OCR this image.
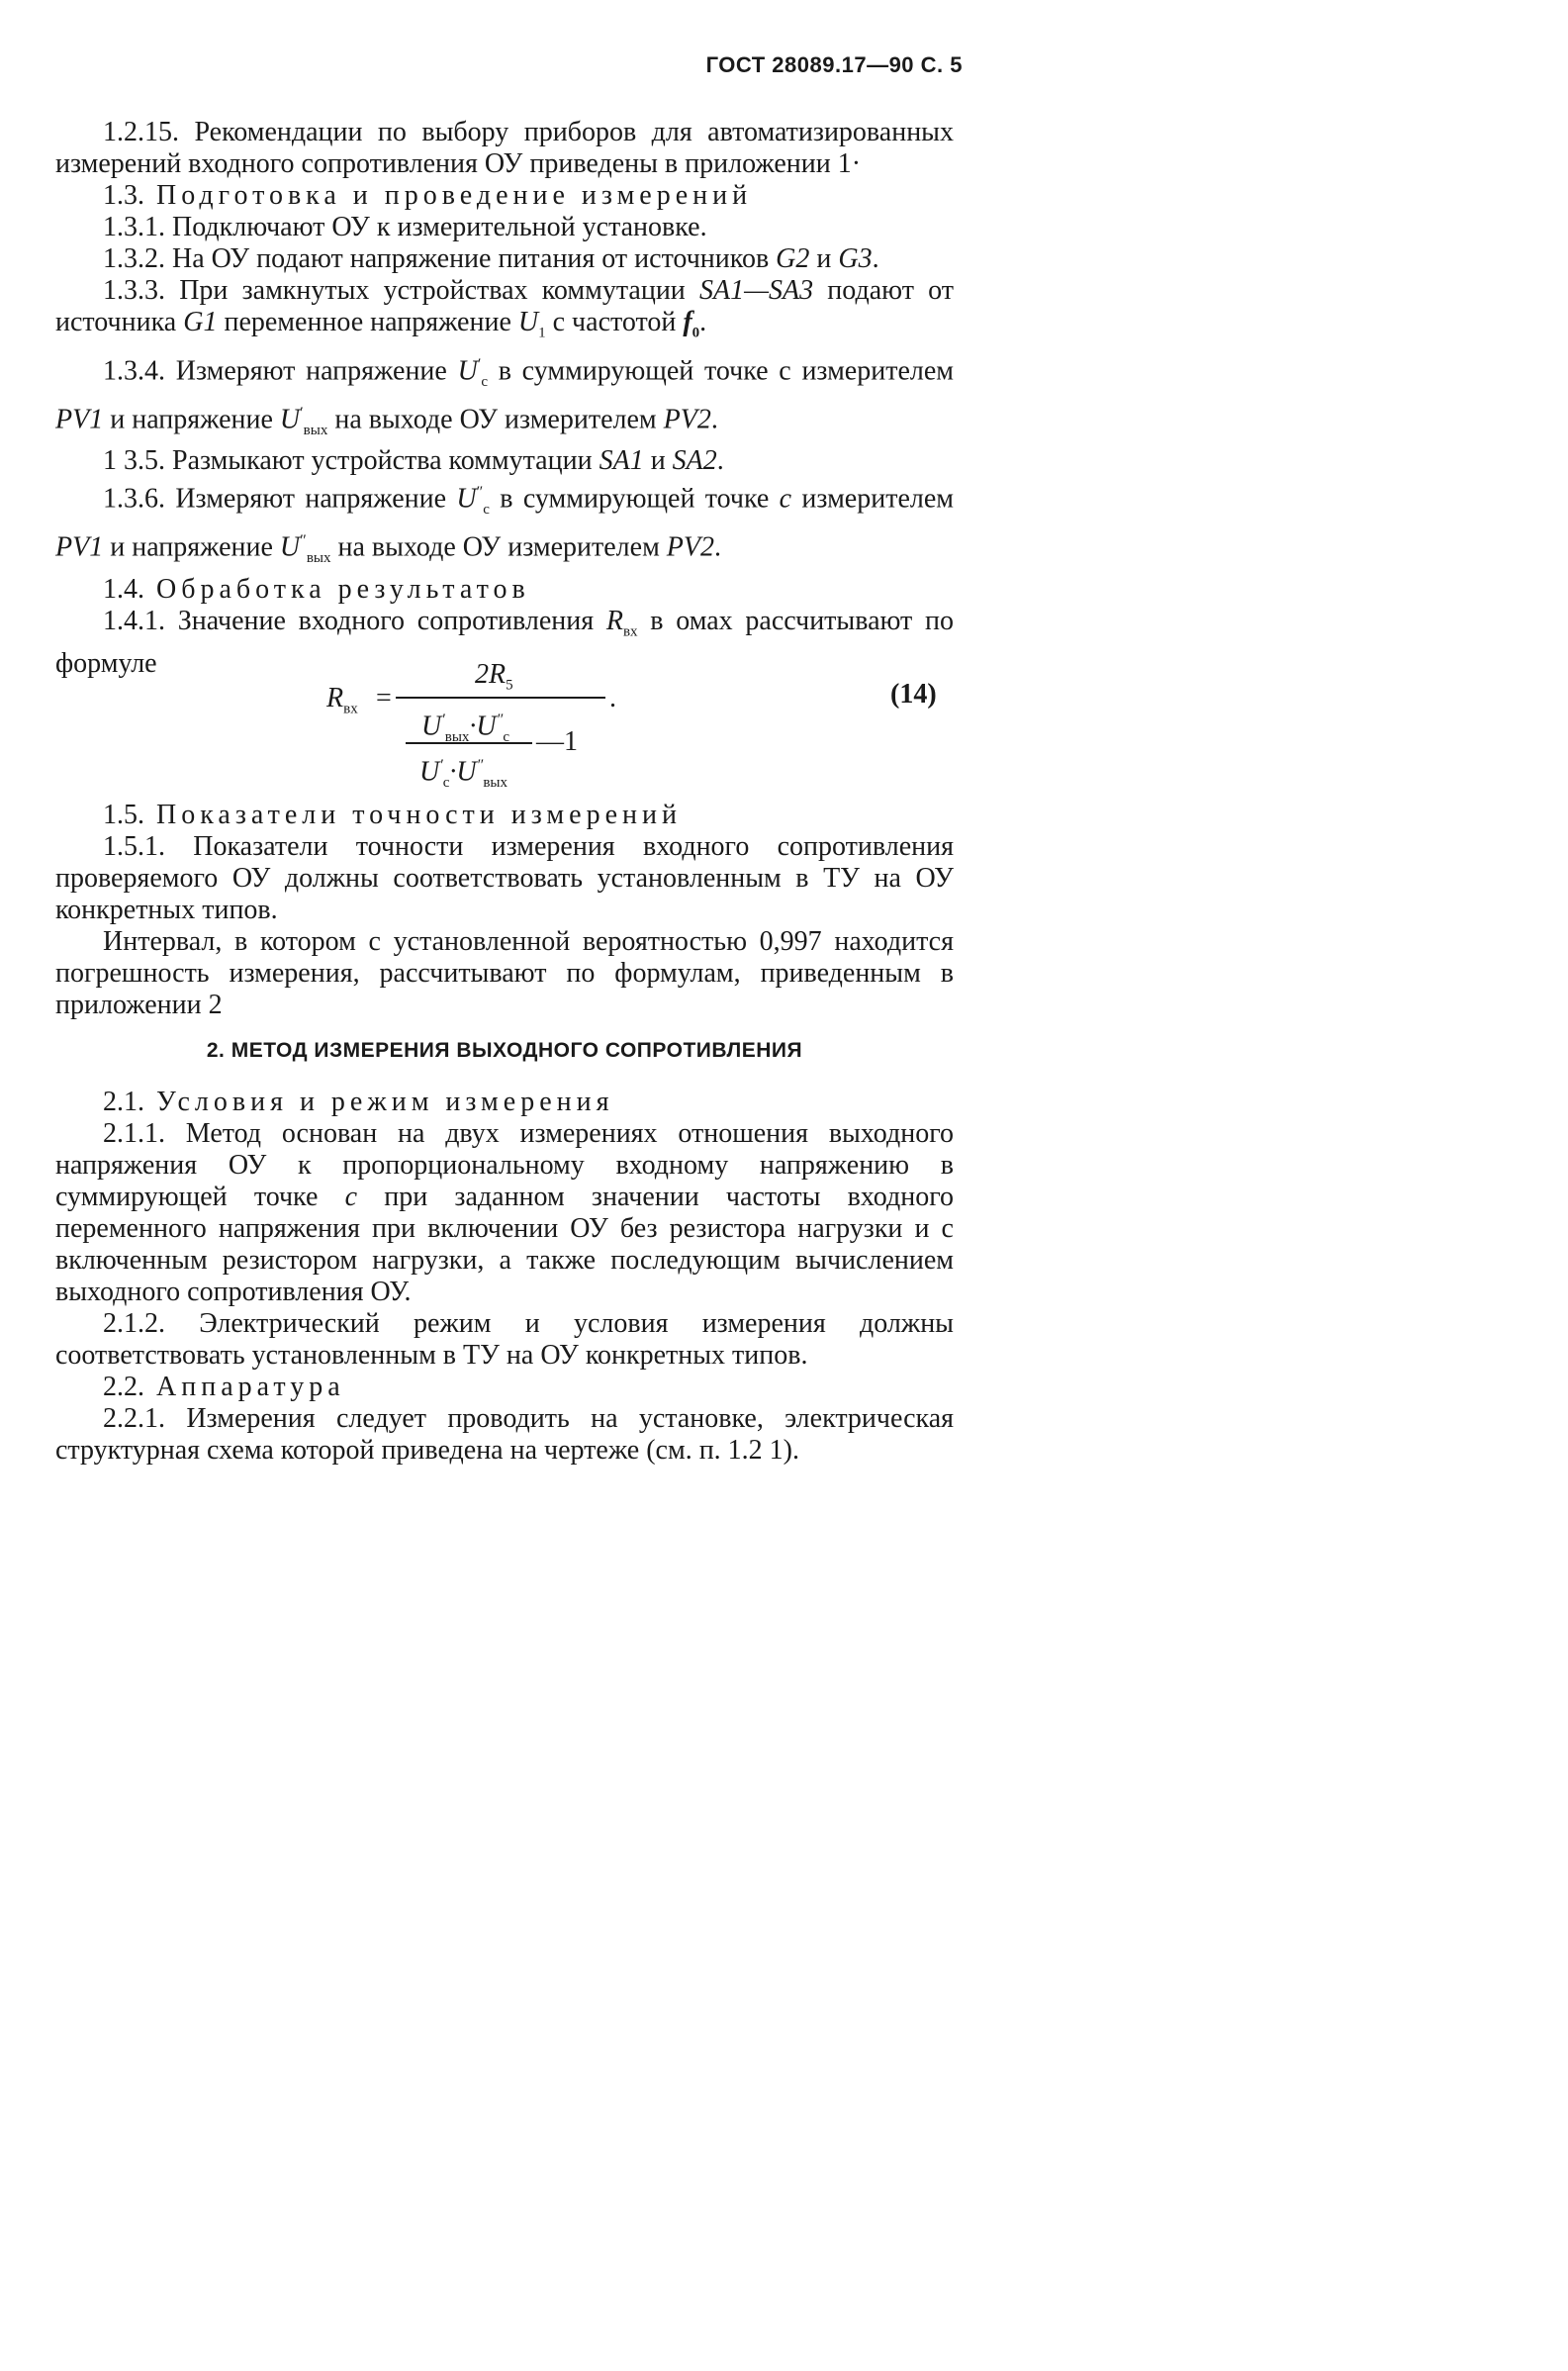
ГОСТ 28089.17—90 С. 5

1.2.15. Рекомендации по выбору приборов для автоматизированных измерений входного сопротивления ОУ приведены в приложении 1·

1.3. Подготовка и проведение измерений

1.3.1. Подключают ОУ к измерительной установке.

1.3.2. На ОУ подают напряжение питания от источников G2 и G3.

1.3.3. При замкнутых устройствах коммутации SA1—SA3 подают от источника G1 переменное напряжение $U_1$ с частотой $f_0$.

1.3.4. Измеряют напряжение $U'_c$ в суммирующей точке с измерителем PV1 и напряжение $U'_{вых}$ на выходе ОУ измерителем PV2.

1 3.5. Размыкают устройства коммутации SA1 и SA2.

1.3.6. Измеряют напряжение $U''_c$ в суммирующей точке c измерителем PV1 и напряжение $U''_{вых}$ на выходе ОУ измерителем PV2.

1.4. Обработка результатов

1.4.1. Значение входного сопротивления $R_{вх}$ в омах рассчитывают по формуле

$R_{вх}$ =
$2R_5$	.
$U'_{вых}\cdot U''_c$ —1
$U'_c\cdot U''_{вых}$
(14)

1.5. Показатели точности измерений

1.5.1. Показатели точности измерения входного сопротивления проверяемого ОУ должны соответствовать установленным в ТУ на ОУ конкретных типов.

Интервал, в котором с установленной вероятностью 0,997 находится погрешность измерения, рассчитывают по формулам, приведенным в приложении 2

2. МЕТОД ИЗМЕРЕНИЯ ВЫХОДНОГО СОПРОТИВЛЕНИЯ

2.1. Условия и режим измерения

2.1.1. Метод основан на двух измерениях отношения выходного напряжения ОУ к пропорциональному входному напряжению в суммирующей точке c при заданном значении частоты входного переменного напряжения при включении ОУ без резистора нагрузки и с включенным резистором нагрузки, а также последующим вычислением выходного сопротивления ОУ.

2.1.2. Электрический режим и условия измерения должны соответствовать установленным в ТУ на ОУ конкретных типов.

2.2. Аппаратура

2.2.1. Измерения следует проводить на установке, электрическая структурная схема которой приведена на чертеже (см. п. 1.2 1).
